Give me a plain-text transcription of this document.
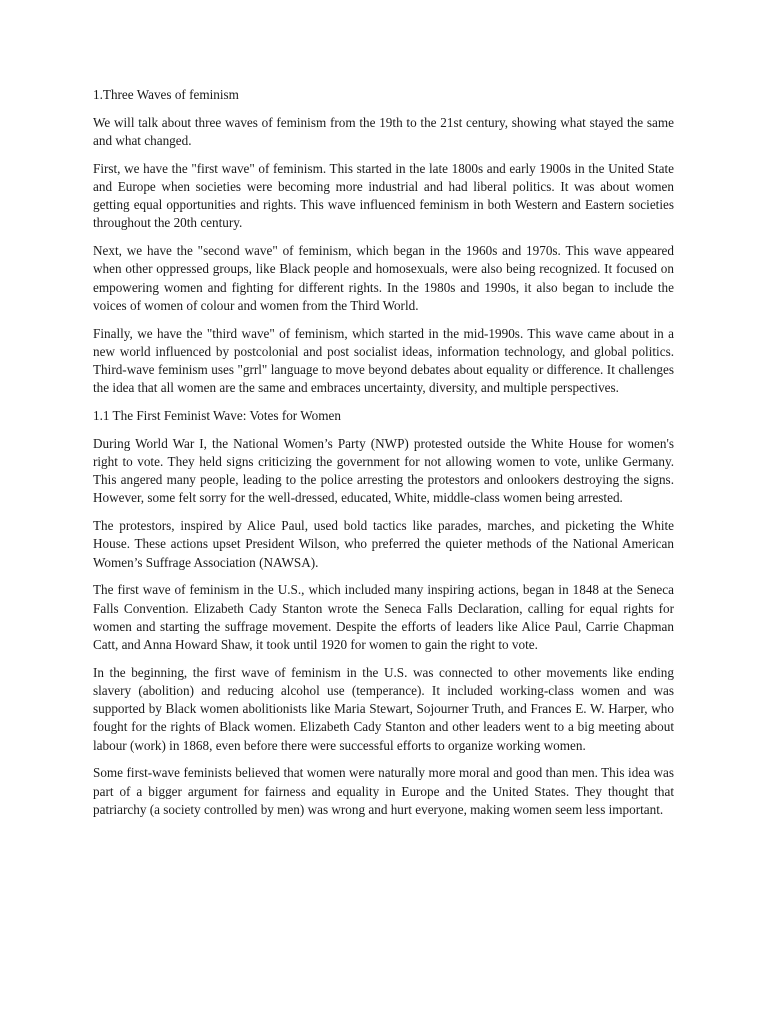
1.Three Waves of feminism

We will talk about three waves of feminism from the 19th to the 21st century, showing what stayed the same and what changed.

First, we have the "first wave" of feminism. This started in the late 1800s and early 1900s in the United State and Europe when societies were becoming more industrial and had liberal politics. It was about women getting equal opportunities and rights. This wave influenced feminism in both Western and Eastern societies throughout the 20th century.

Next, we have the "second wave" of feminism, which began in the 1960s and 1970s. This wave appeared when other oppressed groups, like Black people and homosexuals, were also being recognized. It focused on empowering women and fighting for different rights. In the 1980s and 1990s, it also began to include the voices of women of colour and women from the Third World.

Finally, we have the "third wave" of feminism, which started in the mid-1990s. This wave came about in a new world influenced by postcolonial and post socialist ideas, information technology, and global politics. Third-wave feminism uses "grrl" language to move beyond debates about equality or difference. It challenges the idea that all women are the same and embraces uncertainty, diversity, and multiple perspectives.

1.1 The First Feminist Wave: Votes for Women

During World War I, the National Women’s Party (NWP) protested outside the White House for women's right to vote. They held signs criticizing the government for not allowing women to vote, unlike Germany. This angered many people, leading to the police arresting the protestors and onlookers destroying the signs. However, some felt sorry for the well-dressed, educated, White, middle-class women being arrested.

The protestors, inspired by Alice Paul, used bold tactics like parades, marches, and picketing the White House. These actions upset President Wilson, who preferred the quieter methods of the National American Women’s Suffrage Association (NAWSA).

The first wave of feminism in the U.S., which included many inspiring actions, began in 1848 at the Seneca Falls Convention. Elizabeth Cady Stanton wrote the Seneca Falls Declaration, calling for equal rights for women and starting the suffrage movement. Despite the efforts of leaders like Alice Paul, Carrie Chapman Catt, and Anna Howard Shaw, it took until 1920 for women to gain the right to vote.

In the beginning, the first wave of feminism in the U.S. was connected to other movements like ending slavery (abolition) and reducing alcohol use (temperance). It included working-class women and was supported by Black women abolitionists like Maria Stewart, Sojourner Truth, and Frances E. W. Harper, who fought for the rights of Black women. Elizabeth Cady Stanton and other leaders went to a big meeting about labour (work) in 1868, even before there were successful efforts to organize working women.

Some first-wave feminists believed that women were naturally more moral and good than men. This idea was part of a bigger argument for fairness and equality in Europe and the United States. They thought that patriarchy (a society controlled by men) was wrong and hurt everyone, making women seem less important.
